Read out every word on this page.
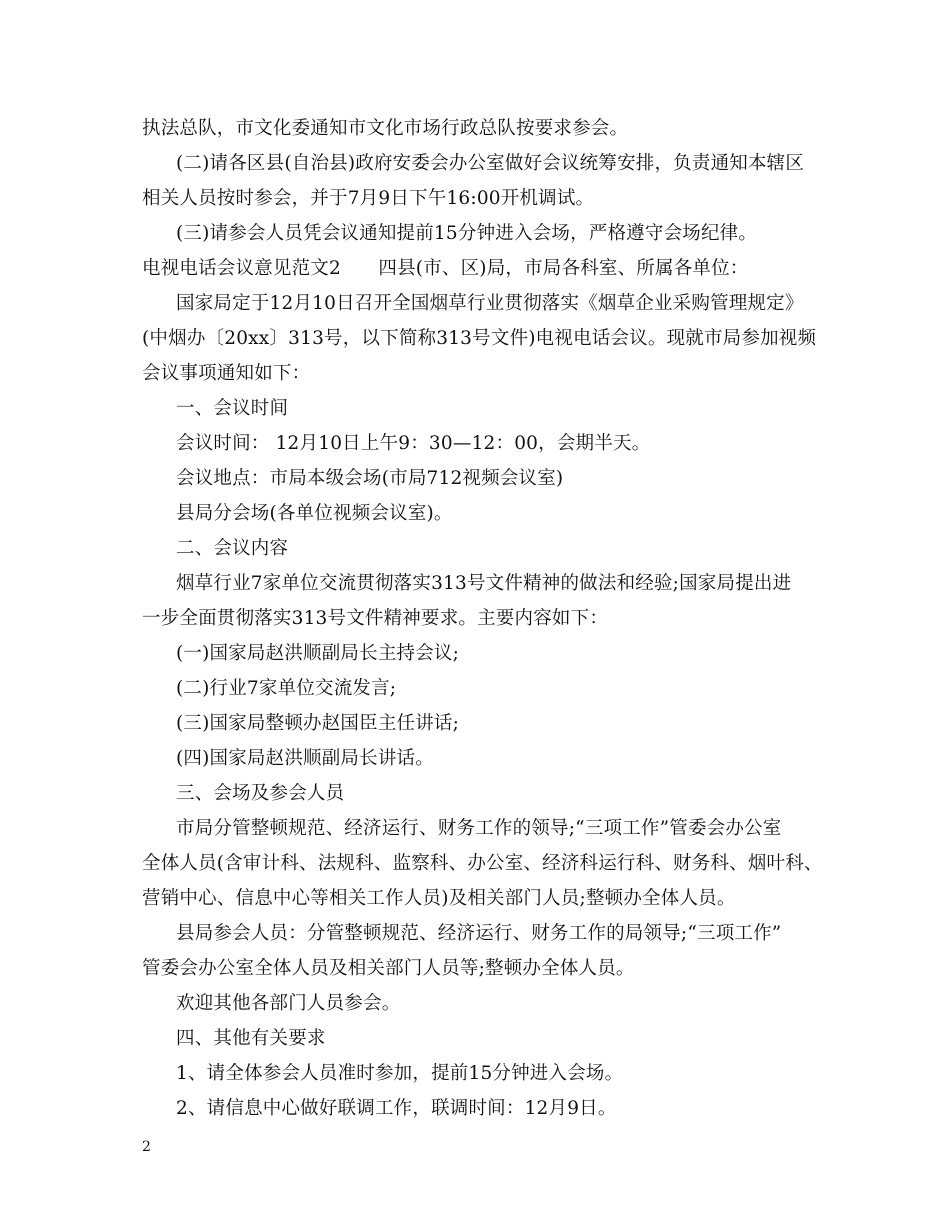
执法总队，市文化委通知市文化市场行政总队按要求参会。
(二)请各区县(自治县)政府安委会办公室做好会议统筹安排，负责通知本辖区
相关人员按时参会，并于7月9日下午16:00开机调试。
(三)请参会人员凭会议通知提前15分钟进入会场，严格遵守会场纪律。
电视电话会议意见范文2　　四县(市、区)局，市局各科室、所属各单位：
国家局定于12月10日召开全国烟草行业贯彻落实《烟草企业采购管理规定》
(中烟办〔20xx〕313号，以下简称313号文件)电视电话会议。现就市局参加视频
会议事项通知如下：
一、会议时间
会议时间： 12月10日上午9：30—12：00，会期半天。
会议地点：市局本级会场(市局712视频会议室)
县局分会场(各单位视频会议室)。
二、会议内容
烟草行业7家单位交流贯彻落实313号文件精神的做法和经验;国家局提出进
一步全面贯彻落实313号文件精神要求。主要内容如下：
(一)国家局赵洪顺副局长主持会议;
(二)行业7家单位交流发言;
(三)国家局整顿办赵国臣主任讲话;
(四)国家局赵洪顺副局长讲话。
三、会场及参会人员
市局分管整顿规范、经济运行、财务工作的领导;“三项工作”管委会办公室
全体人员(含审计科、法规科、监察科、办公室、经济科运行科、财务科、烟叶科、
营销中心、信息中心等相关工作人员)及相关部门人员;整顿办全体人员。
县局参会人员：分管整顿规范、经济运行、财务工作的局领导;“三项工作”
管委会办公室全体人员及相关部门人员等;整顿办全体人员。
欢迎其他各部门人员参会。
四、其他有关要求
1、请全体参会人员准时参加，提前15分钟进入会场。
2、请信息中心做好联调工作，联调时间：12月9日。
2
